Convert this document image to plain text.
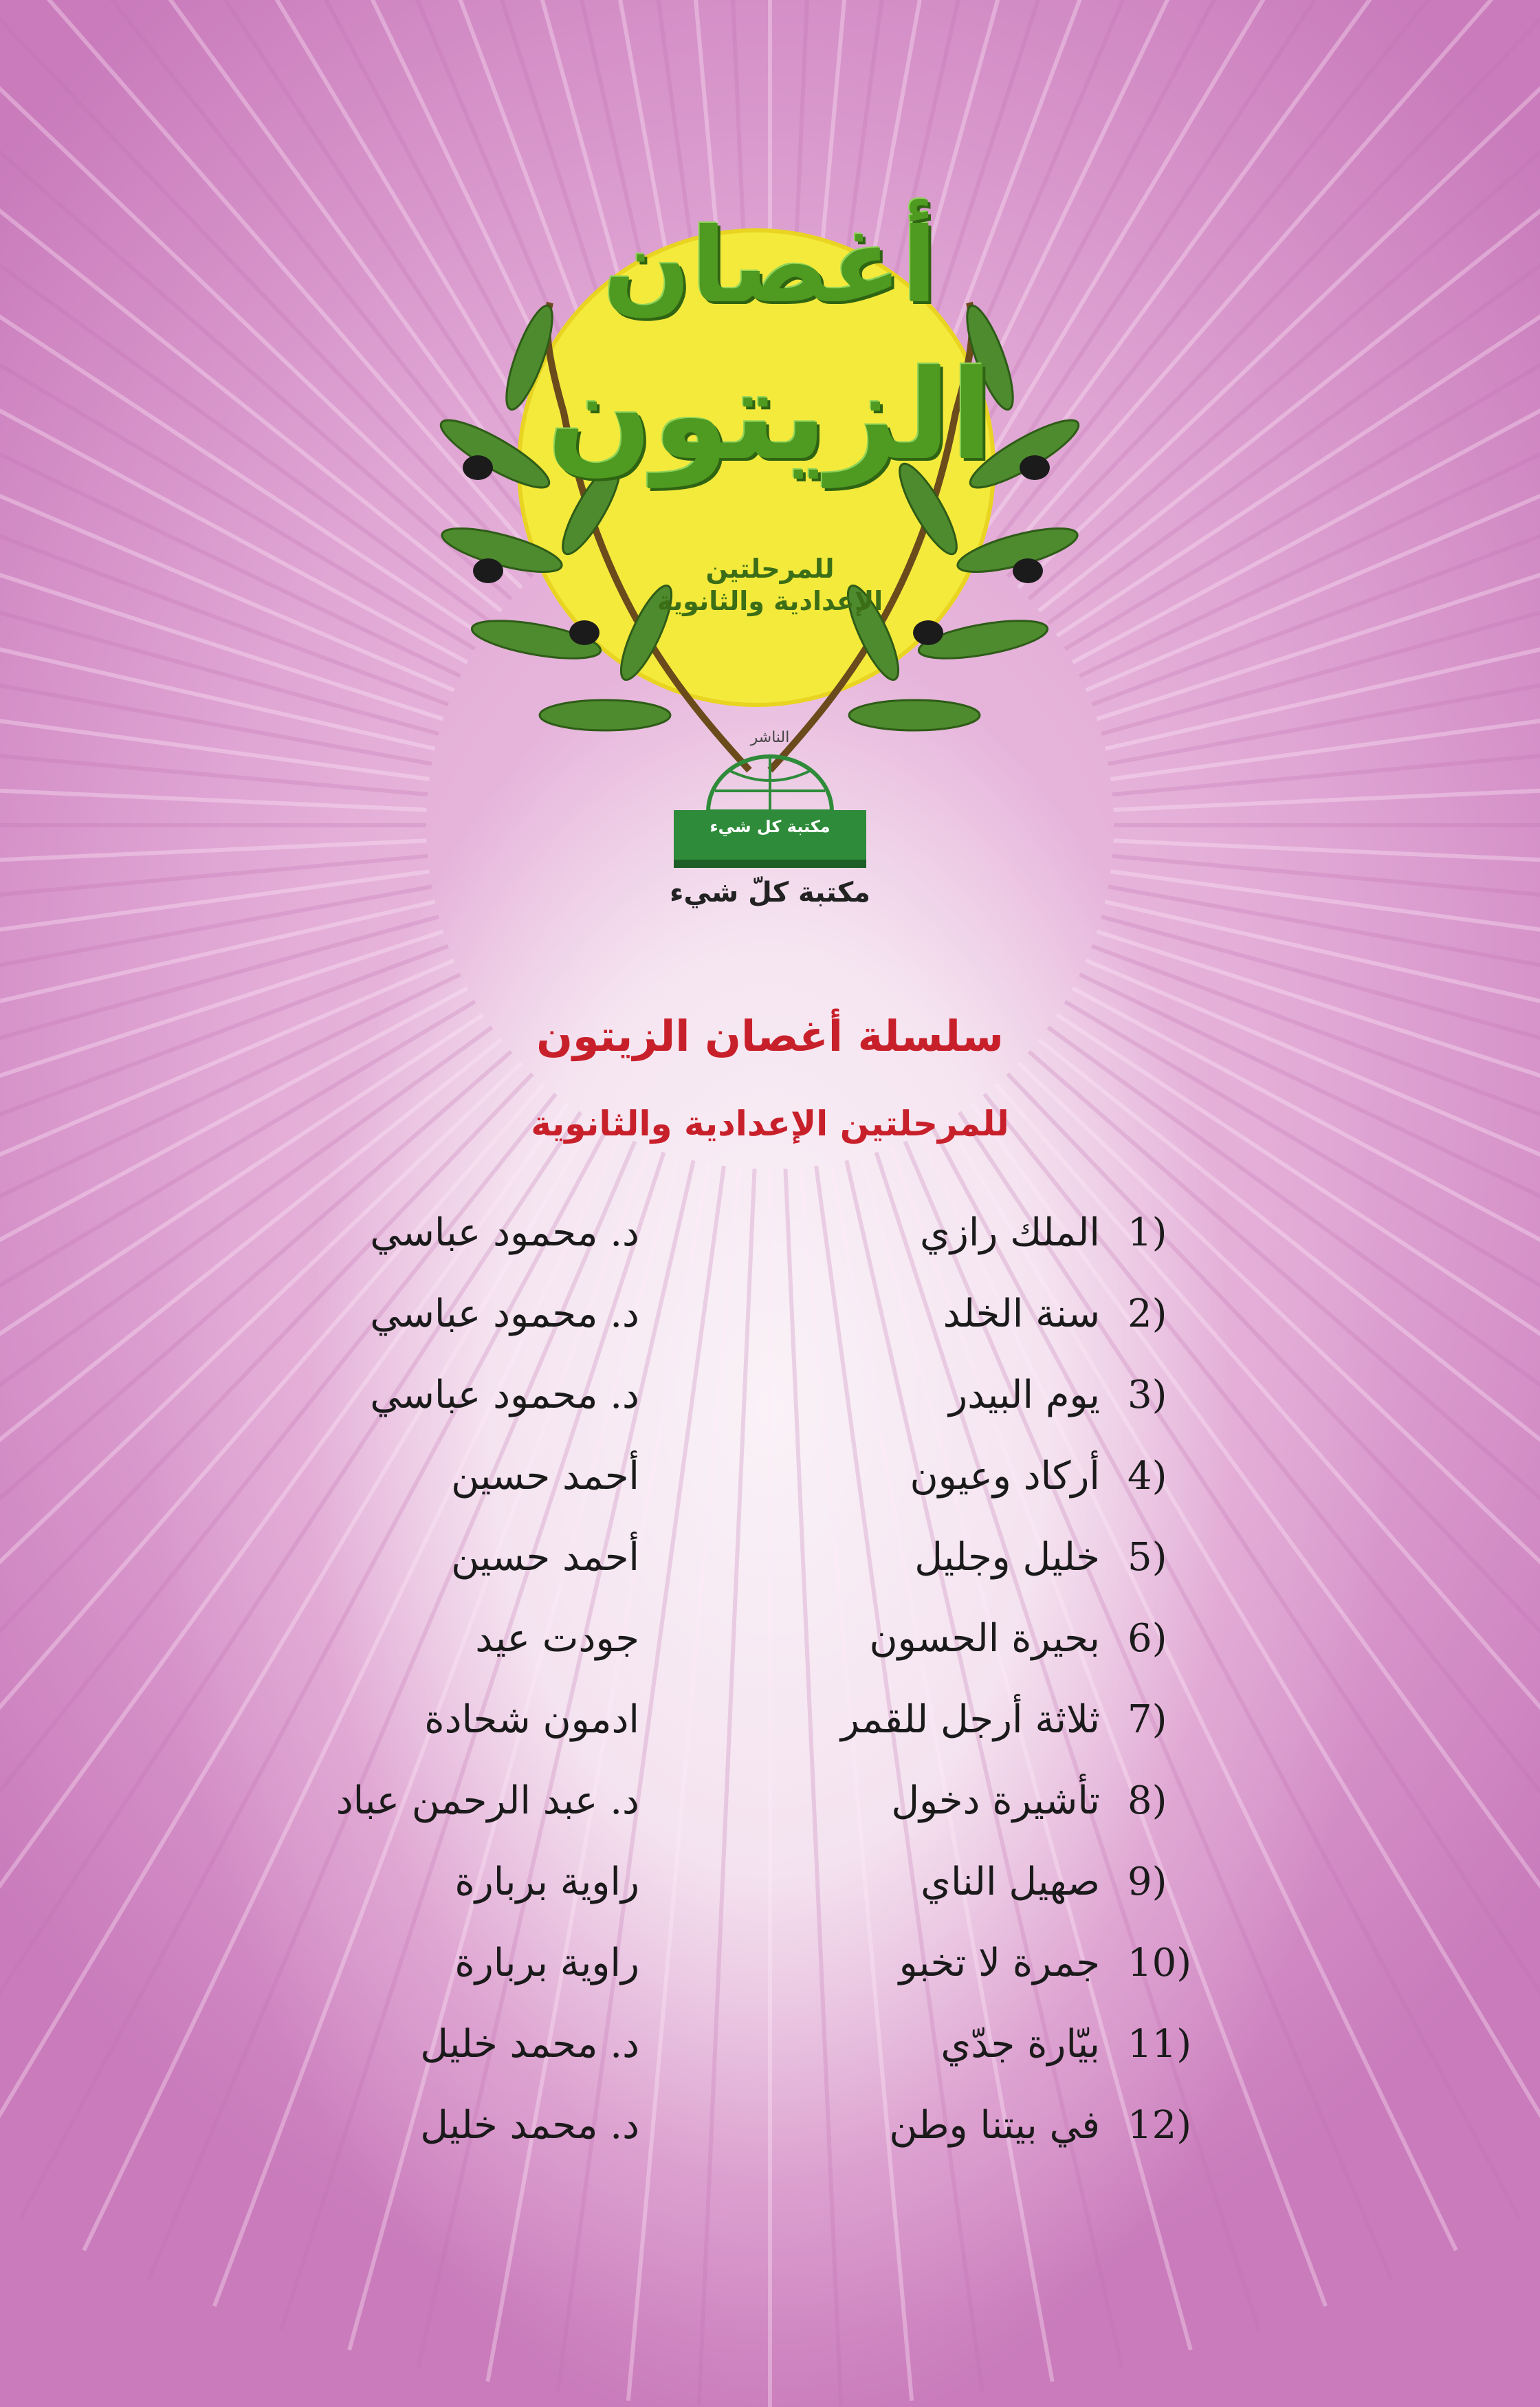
أغصان
الزيتون
للمرحلتين
الإعدادية والثانوية
الناشر
مكتبة كل شيء
مكتبة كلّ شيء
سلسلة أغصان الزيتون
للمرحلتين الإعدادية والثانوية
1)
الملك رازي
د. محمود عباسي
2)
سنة الخلد
د. محمود عباسي
3)
يوم البيدر
د. محمود عباسي
4)
أركاد وعيون
أحمد حسين
5)
خليل وجليل
أحمد حسين
6)
بحيرة الحسون
جودت عيد
7)
ثلاثة أرجل للقمر
ادمون شحادة
8)
تأشيرة دخول
د. عبد الرحمن عباد
9)
صهيل الناي
راوية بربارة
10)
جمرة لا تخبو
راوية بربارة
11)
بيّارة جدّي
د. محمد خليل
12)
في بيتنا وطن
د. محمد خليل
